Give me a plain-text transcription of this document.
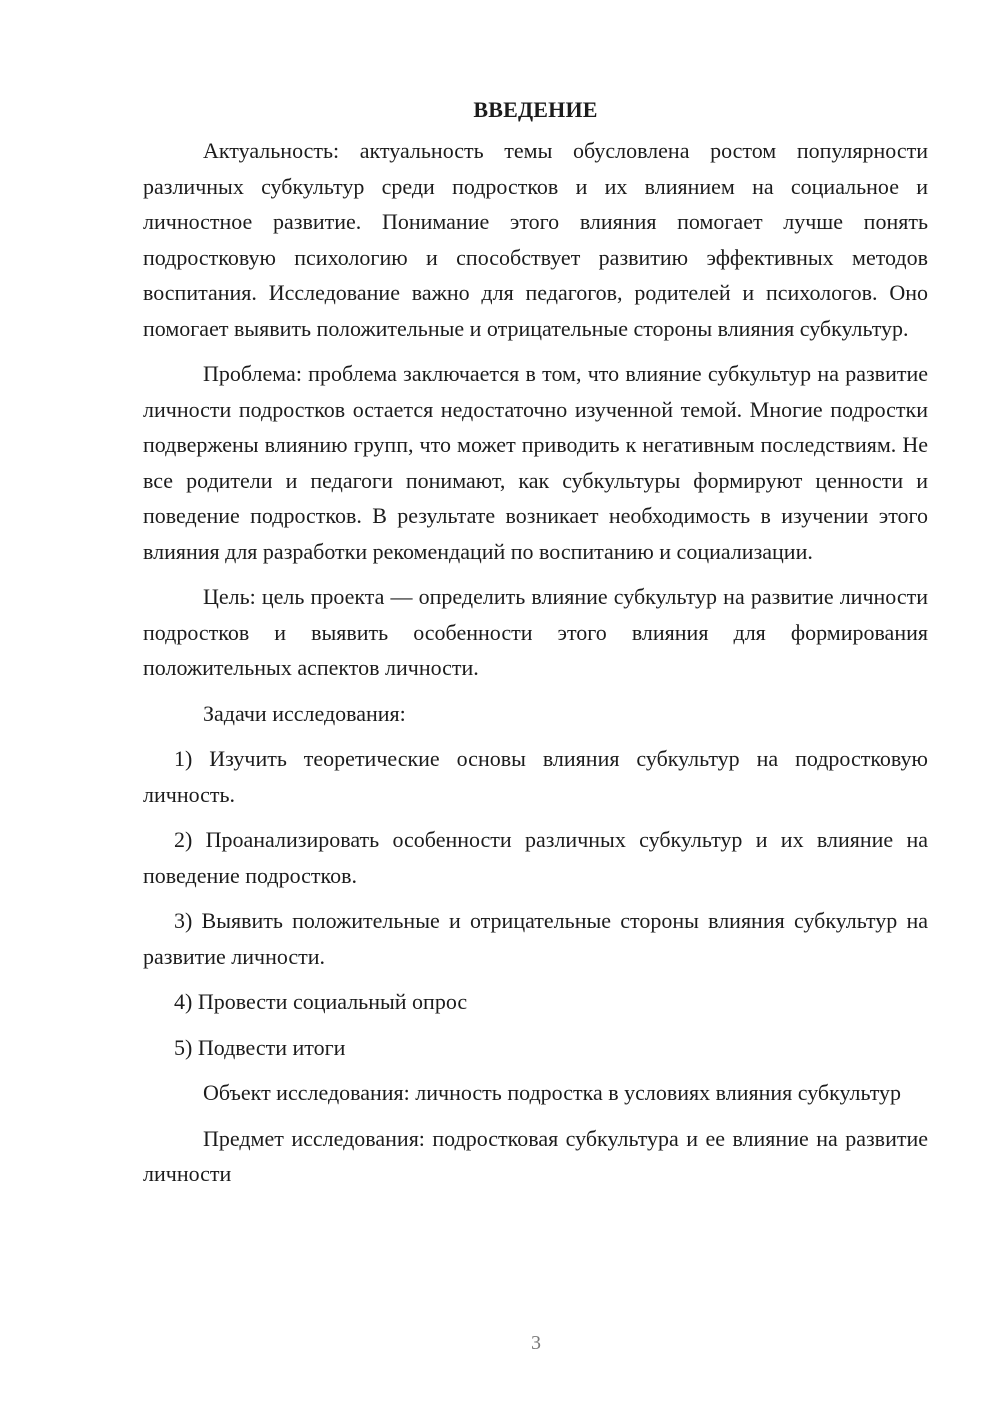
ВВЕДЕНИЕ

Актуальность: актуальность темы обусловлена ростом популярности различных субкультур среди подростков и их влиянием на социальное и личностное развитие. Понимание этого влияния помогает лучше понять подростковую психологию и способствует развитию эффективных методов воспитания. Исследование важно для педагогов, родителей и психологов. Оно помогает выявить положительные и отрицательные стороны влияния субкультур.

Проблема: проблема заключается в том, что влияние субкультур на развитие личности подростков остается недостаточно изученной темой. Многие подростки подвержены влиянию групп, что может приводить к негативным последствиям. Не все родители и педагоги понимают, как субкультуры формируют ценности и поведение подростков. В результате возникает необходимость в изучении этого влияния для разработки рекомендаций по воспитанию и социализации.

Цель: цель проекта — определить влияние субкультур на развитие личности подростков и выявить особенности этого влияния для формирования положительных аспектов личности.

Задачи исследования:

1) Изучить теоретические основы влияния субкультур на подростковую личность.

2) Проанализировать особенности различных субкультур и их влияние на поведение подростков.

3) Выявить положительные и отрицательные стороны влияния субкультур на развитие личности.

4) Провести социальный опрос

5) Подвести итоги

Объект исследования: личность подростка в условиях влияния субкультур

Предмет исследования: подростковая субкультура и ее влияние на развитие личности

3
